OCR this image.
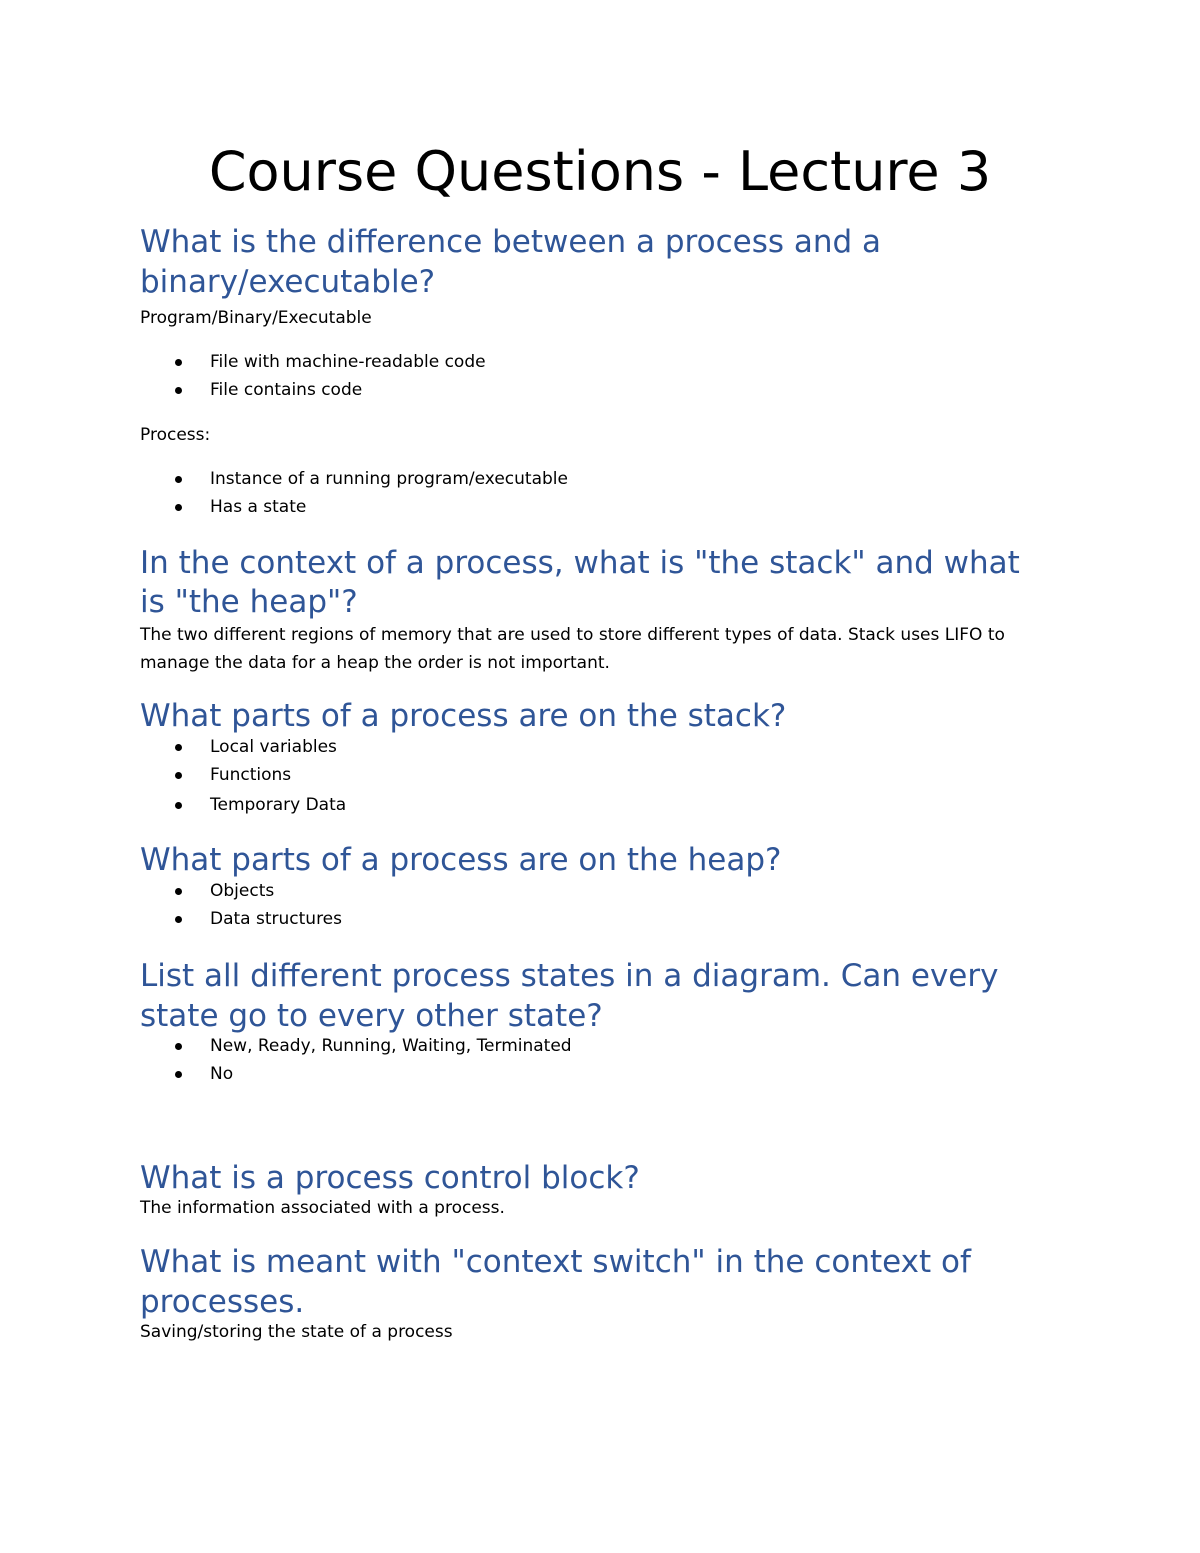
Course Questions - Lecture 3
What is the difference between a process and a binary/executable?

Program/Binary/Executable

File with machine-readable code
File contains code

Process:

Instance of a running program/executable
Has a state
In the context of a process, what is "the stack" and what is "the heap"?

The two different regions of memory that are used to store different types of data. Stack uses LIFO to manage the data for a heap the order is not important.

What parts of a process are on the stack?
Local variables
Functions
Temporary Data
What parts of a process are on the heap?
Objects
Data structures
List all different process states in a diagram. Can every state go to every other state?
New, Ready, Running, Waiting, Terminated
No
What is a process control block?

The information associated with a process.

What is meant with "context switch" in the context of processes.

Saving/storing the state of a process
